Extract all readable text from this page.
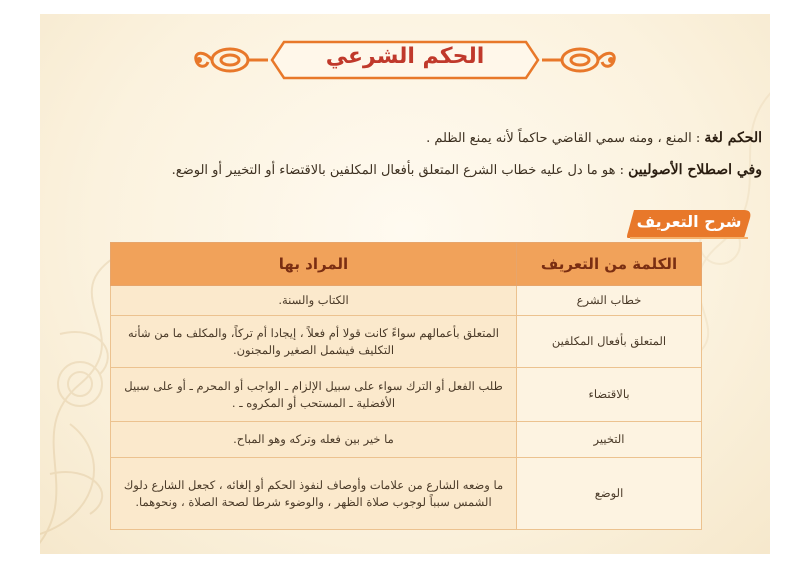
الحكم الشرعي
الحكم لغة : المنع ، ومنه سمي القاضي حاكماً لأنه يمنع الظلم .
وفي اصطلاح الأصوليين : هو ما دل عليه خطاب الشرع المتعلق بأفعال المكلفين بالاقتضاء أو التخيير أو الوضع.
شرح التعريف
الكلمة من التعريف	المراد بها
خطاب الشرع	الكتاب والسنة.
المتعلق بأفعال المكلفين	المتعلق بأعمالهم سواءً كانت قولا أم فعلاً ، إيجادا أم تركاً، والمكلف ما من شأنه التكليف فيشمل الصغير والمجنون.
بالاقتضاء	طلب الفعل أو الترك سواء على سبيل الإلزام ـ الواجب أو المحرم ـ أو على سبيل الأفضلية ـ المستحب أو المكروه ـ .
التخيير	ما خير بين فعله وتركه وهو المباح.
الوضع	ما وضعه الشارع من علامات وأوصاف لنفوذ الحكم أو إلغائه ، كجعل الشارع دلوك الشمس سبباً لوجوب صلاة الظهر ، والوضوء شرطا لصحة الصلاة ، ونحوهما.
